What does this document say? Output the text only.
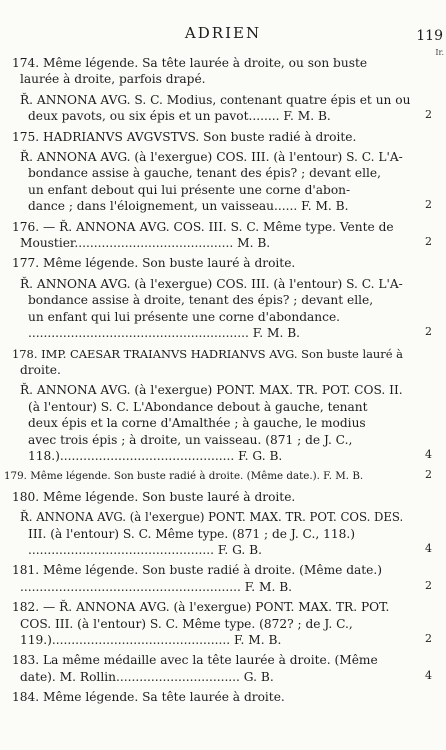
ADRIEN	119
Ir.
174. Même légende. Sa tête laurée à droite, ou son buste
laurée à droite, parfois drapé.
Ř. ANNONA AVG. S. C. Modius, contenant quatre épis et un ou
deux pavots, ou six épis et un pavot........ F. M. B.	2
175. HADRIANVS AVGVSTVS. Son buste radié à droite.
Ř. ANNONA AVG. (à l'exergue) COS. III. (à l'entour) S. C. L'A-
bondance assise à gauche, tenant des épis? ; devant elle,
un enfant debout qui lui présente une corne d'abon-
dance ; dans l'éloignement, un vaisseau...... F. M. B.	2
176. — Ř. ANNONA AVG. COS. III. S. C. Même type. Vente de
Moustier......................................... M. B.	2
177. Même légende. Son buste lauré à droite.
Ř. ANNONA AVG. (à l'exergue) COS. III. (à l'entour) S. C. L'A-
bondance assise à droite, tenant des épis? ; devant elle,
un enfant qui lui présente une corne d'abondance.
......................................................... F. M. B.	2
178. IMP. CAESAR TRAIANVS HADRIANVS AVG. Son buste lauré à
droite.
Ř. ANNONA AVG. (à l'exergue) PONT. MAX. TR. POT. COS. II.
(à l'entour) S. C. L'Abondance debout à gauche, tenant
deux épis et la corne d'Amalthée ; à gauche, le modius
avec trois épis ; à droite, un vaisseau. (871 ; de J. C.,
118.)............................................. F. G. B.	4
179. Même légende. Son buste radié à droite. (Même date.). F. M. B.	2
180. Même légende. Son buste lauré à droite.
Ř. ANNONA AVG. (à l'exergue) PONT. MAX. TR. POT. COS. DES.
III. (à l'entour) S. C. Même type. (871 ; de J. C., 118.)
................................................ F. G. B.	4
181. Même légende. Son buste radié à droite. (Même date.)
......................................................... F. M. B.	2
182. — Ř. ANNONA AVG. (à l'exergue) PONT. MAX. TR. POT.
COS. III. (à l'entour) S. C. Même type. (872? ; de J. C.,
119.).............................................. F. M. B.	2
183. La même médaille avec la tête laurée à droite. (Même
date). M. Rollin................................ G. B.	4
184. Même légende. Sa tête laurée à droite.
